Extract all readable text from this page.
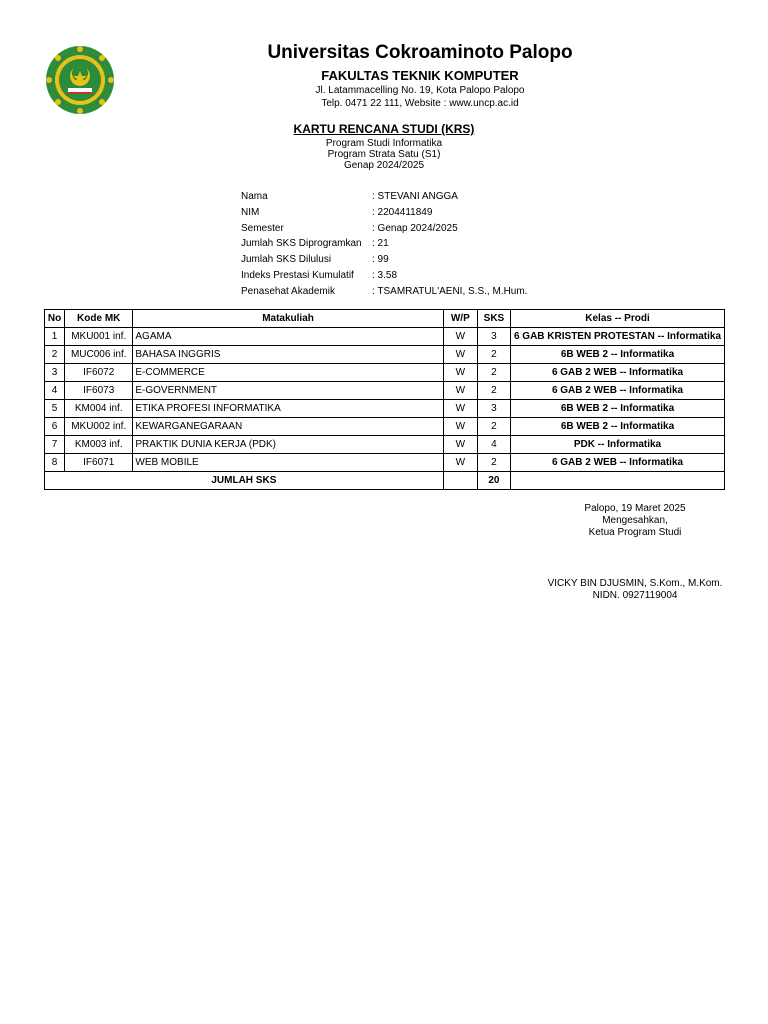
Universitas Cokroaminoto Palopo
FAKULTAS TEKNIK KOMPUTER
Jl. Latammacelling No. 19, Kota Palopo Palopo
Telp. 0471 22 111, Website : www.uncp.ac.id
KARTU RENCANA STUDI (KRS)
Program Studi Informatika
Program Strata Satu (S1)
Genap 2024/2025
Nama	: STEVANI ANGGA
NIM	: 2204411849
Semester	: Genap 2024/2025
Jumlah SKS Diprogramkan	: 21
Jumlah SKS Dilulusi	: 99
Indeks Prestasi Kumulatif	: 3.58
Penasehat Akademik	: TSAMRATUL'AENI, S.S., M.Hum.
No	Kode MK	Matakuliah	W/P	SKS	Kelas -- Prodi
1	MKU001 inf.	AGAMA	W	3	6 GAB KRISTEN PROTESTAN -- Informatika
2	MUC006 inf.	BAHASA INGGRIS	W	2	6B WEB 2 -- Informatika
3	IF6072	E-COMMERCE	W	2	6 GAB 2 WEB -- Informatika
4	IF6073	E-GOVERNMENT	W	2	6 GAB 2 WEB -- Informatika
5	KM004 inf.	ETIKA PROFESI INFORMATIKA	W	3	6B WEB 2 -- Informatika
6	MKU002 inf.	KEWARGANEGARAAN	W	2	6B WEB 2 -- Informatika
7	KM003 inf.	PRAKTIK DUNIA KERJA (PDK)	W	4	PDK -- Informatika
8	IF6071	WEB MOBILE	W	2	6 GAB 2 WEB -- Informatika
JUMLAH SKS				20	
Palopo, 19 Maret 2025
Mengesahkan,
Ketua Program Studi
VICKY BIN DJUSMIN, S.Kom., M.Kom.
NIDN. 0927119004
